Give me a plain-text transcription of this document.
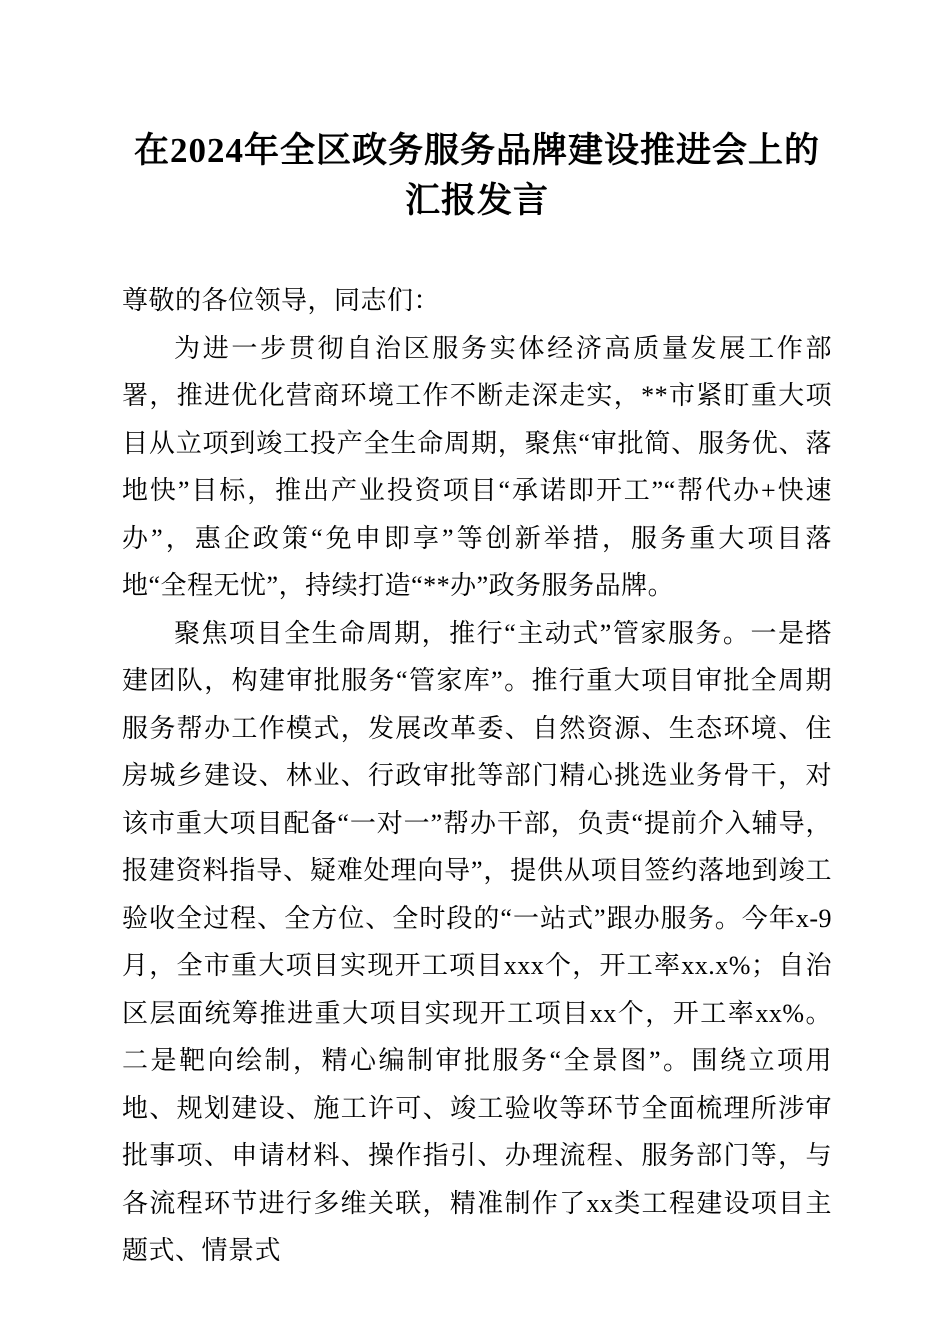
在2024年全区政务服务品牌建设推进会上的
汇报发言

尊敬的各位领导，同志们：

为进一步贯彻自治区服务实体经济高质量发展工作部署，推进优化营商环境工作不断走深走实，**市紧盯重大项目从立项到竣工投产全生命周期，聚焦“审批简、服务优、落地快”目标，推出产业投资项目“承诺即开工”“帮代办+快速办”，惠企政策“免申即享”等创新举措，服务重大项目落地“全程无忧”，持续打造“**办”政务服务品牌。

聚焦项目全生命周期，推行“主动式”管家服务。一是搭建团队，构建审批服务“管家库”。推行重大项目审批全周期服务帮办工作模式，发展改革委、自然资源、生态环境、住房城乡建设、林业、行政审批等部门精心挑选业务骨干，对该市重大项目配备“一对一”帮办干部，负责“提前介入辅导，报建资料指导、疑难处理向导”，提供从项目签约落地到竣工验收全过程、全方位、全时段的“一站式”跟办服务。今年x-9月，全市重大项目实现开工项目xxx个，开工率xx.x%；自治区层面统筹推进重大项目实现开工项目xx个，开工率xx%。二是靶向绘制，精心编制审批服务“全景图”。围绕立项用地、规划建设、施工许可、竣工验收等环节全面梳理所涉审批事项、申请材料、操作指引、办理流程、服务部门等，与各流程环节进行多维关联，精准制作了xx类工程建设项目主题式、情景式
